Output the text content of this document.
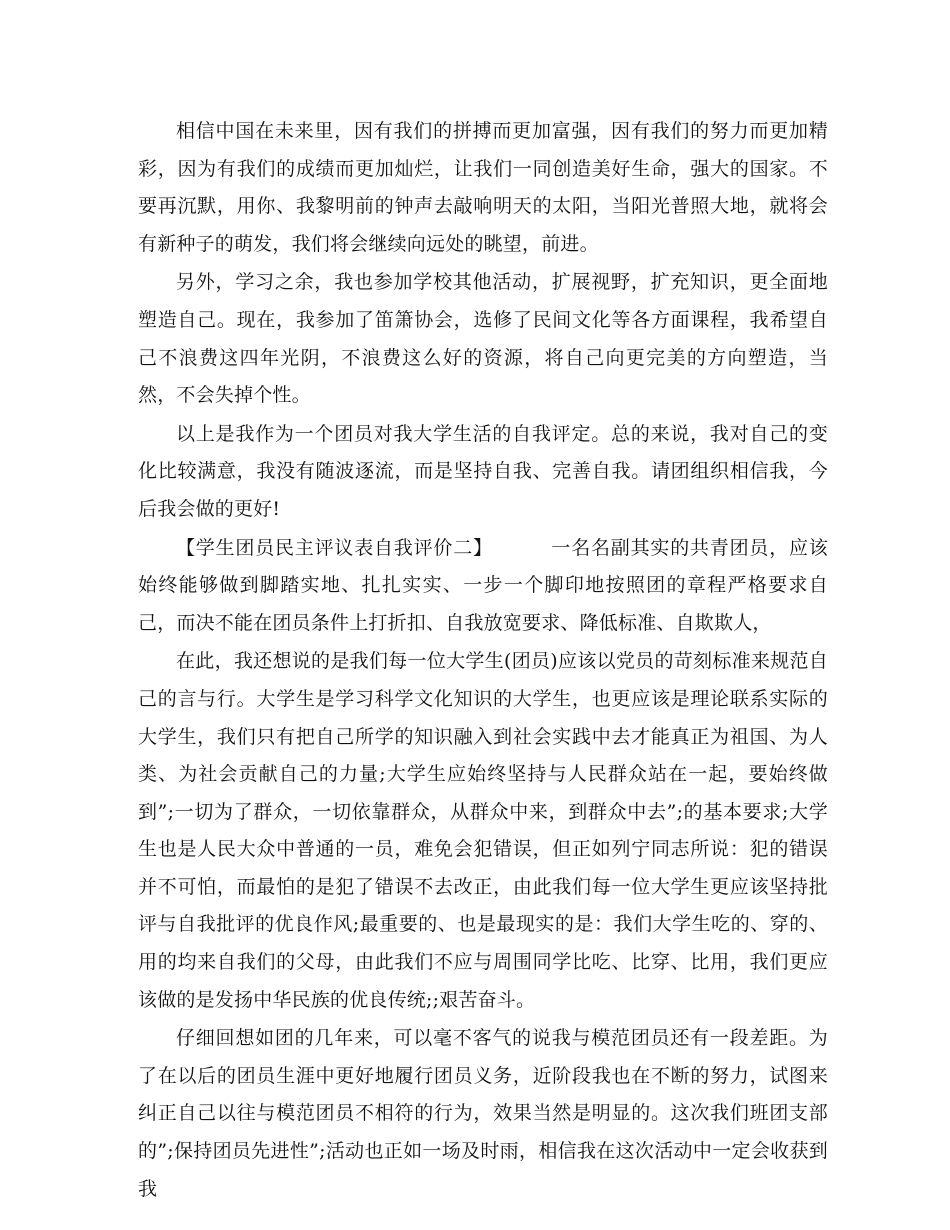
相信中国在未来里，因有我们的拼搏而更加富强，因有我们的努力而更加精彩，因为有我们的成绩而更加灿烂，让我们一同创造美好生命，强大的国家。不要再沉默，用你、我黎明前的钟声去敲响明天的太阳，当阳光普照大地，就将会有新种子的萌发，我们将会继续向远处的眺望，前进。

另外，学习之余，我也参加学校其他活动，扩展视野，扩充知识，更全面地塑造自己。现在，我参加了笛箫协会，选修了民间文化等各方面课程，我希望自己不浪费这四年光阴，不浪费这么好的资源，将自己向更完美的方向塑造，当然，不会失掉个性。

以上是我作为一个团员对我大学生活的自我评定。总的来说，我对自己的变化比较满意，我没有随波逐流，而是坚持自我、完善自我。请团组织相信我，今后我会做的更好!

【学生团员民主评议表自我评价二】	一名名副其实的共青团员，应该始终能够做到脚踏实地、扎扎实实、一步一个脚印地按照团的章程严格要求自己，而决不能在团员条件上打折扣、自我放宽要求、降低标准、自欺欺人，

在此，我还想说的是我们每一位大学生(团员)应该以党员的苛刻标准来规范自己的言与行。大学生是学习科学文化知识的大学生，也更应该是理论联系实际的大学生，我们只有把自己所学的知识融入到社会实践中去才能真正为祖国、为人类、为社会贡献自己的力量;大学生应始终坚持与人民群众站在一起，要始终做到”;一切为了群众，一切依靠群众，从群众中来，到群众中去”;的基本要求;大学生也是人民大众中普通的一员，难免会犯错误，但正如列宁同志所说：犯的错误并不可怕，而最怕的是犯了错误不去改正，由此我们每一位大学生更应该坚持批评与自我批评的优良作风;最重要的、也是最现实的是：我们大学生吃的、穿的、用的均来自我们的父母，由此我们不应与周围同学比吃、比穿、比用，我们更应该做的是发扬中华民族的优良传统;;艰苦奋斗。

仔细回想如团的几年来，可以毫不客气的说我与模范团员还有一段差距。为了在以后的团员生涯中更好地履行团员义务，近阶段我也在不断的努力，试图来纠正自己以往与模范团员不相符的行为，效果当然是明显的。这次我们班团支部的”;保持团员先进性”;活动也正如一场及时雨，相信我在这次活动中一定会收获到我
